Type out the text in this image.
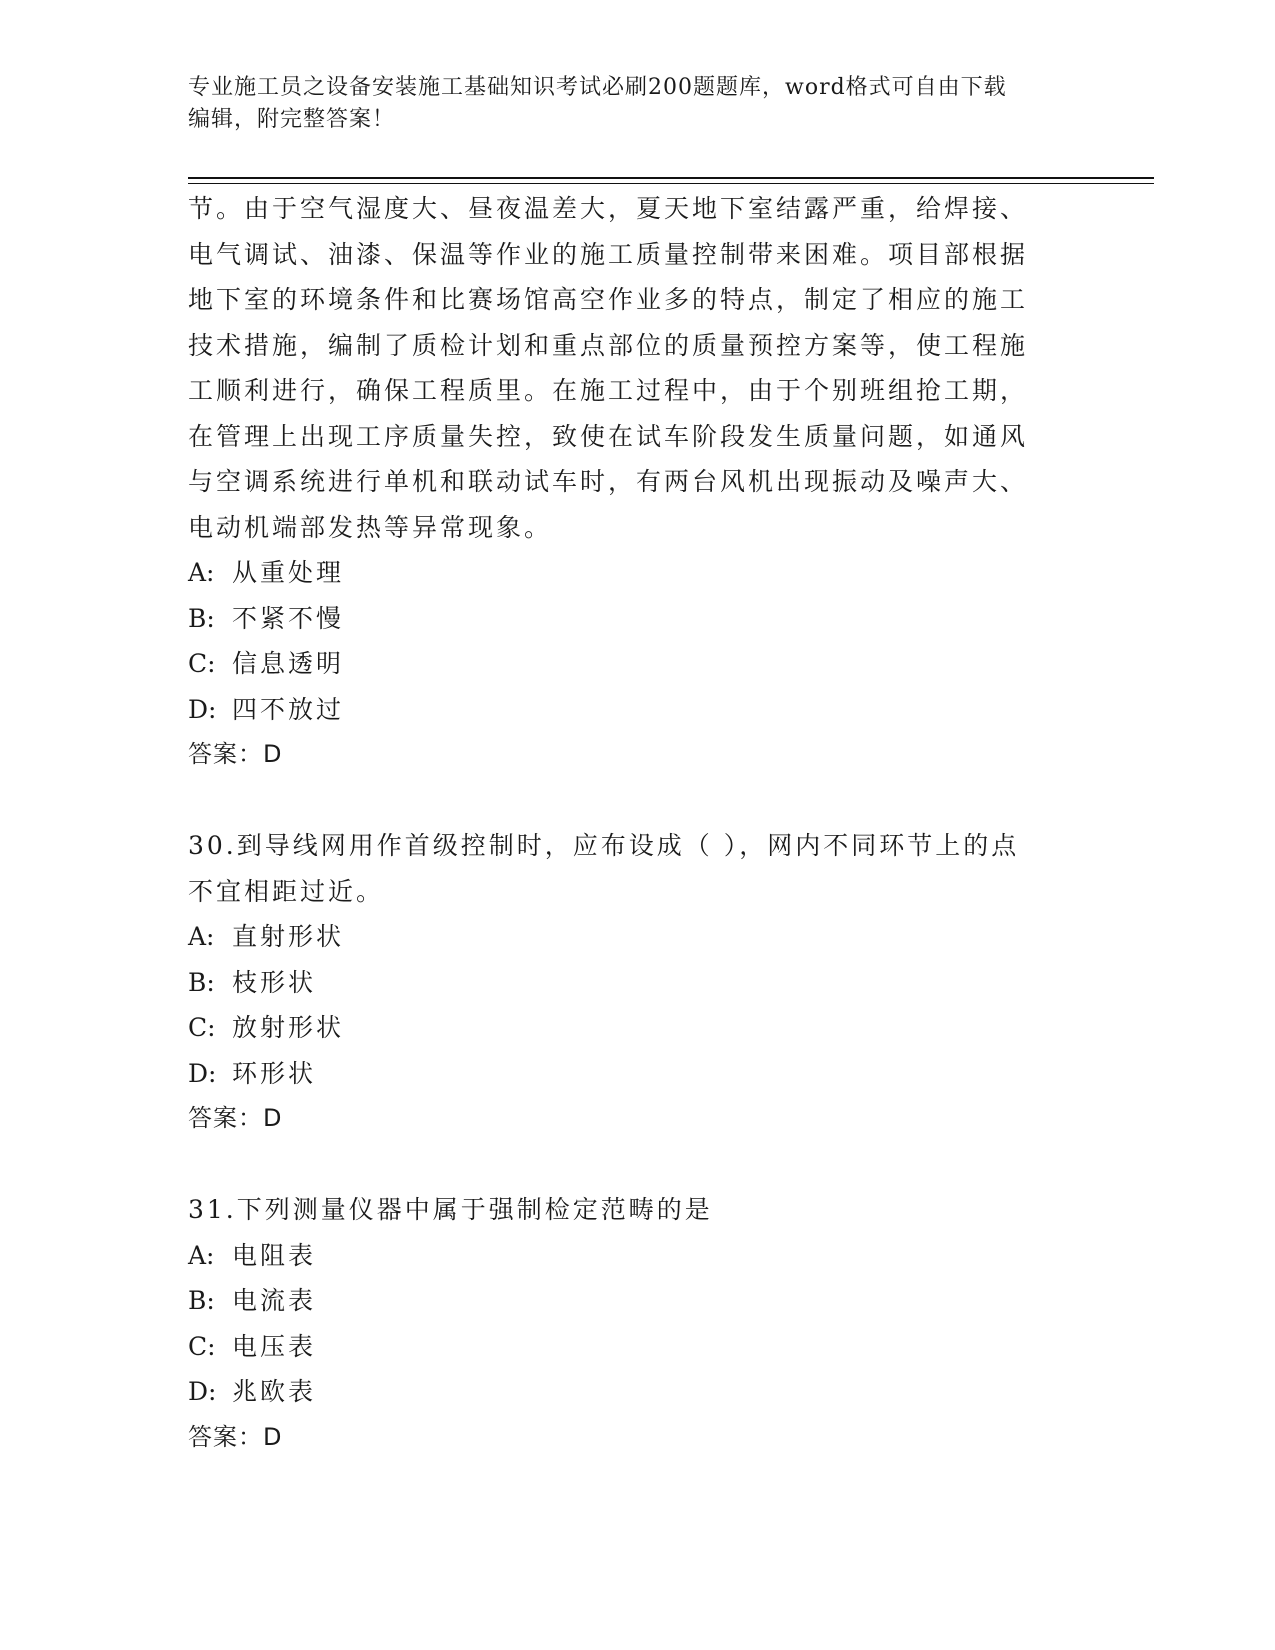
专业施工员之设备安装施工基础知识考试必刷200题题库，word格式可自由下载
编辑，附完整答案！
节。由于空气湿度大、昼夜温差大，夏天地下室结露严重，给焊接、
电气调试、油漆、保温等作业的施工质量控制带来困难。项目部根据
地下室的环境条件和比赛场馆高空作业多的特点，制定了相应的施工
技术措施，编制了质检计划和重点部位的质量预控方案等，使工程施
工顺利进行，确保工程质里。在施工过程中，由于个别班组抢工期，
在管理上出现工序质量失控，致使在试车阶段发生质量问题，如通风
与空调系统进行单机和联动试车时，有两台风机出现振动及噪声大、
电动机端部发热等异常现象。
A: 从重处理
B: 不紧不慢
C: 信息透明
D: 四不放过
答案：D
30.到导线网用作首级控制时，应布设成（ ），网内不同环节上的点
不宜相距过近。
A: 直射形状
B: 枝形状
C: 放射形状
D: 环形状
答案：D
31.下列测量仪器中属于强制检定范畴的是
A: 电阻表
B: 电流表
C: 电压表
D: 兆欧表
答案：D
